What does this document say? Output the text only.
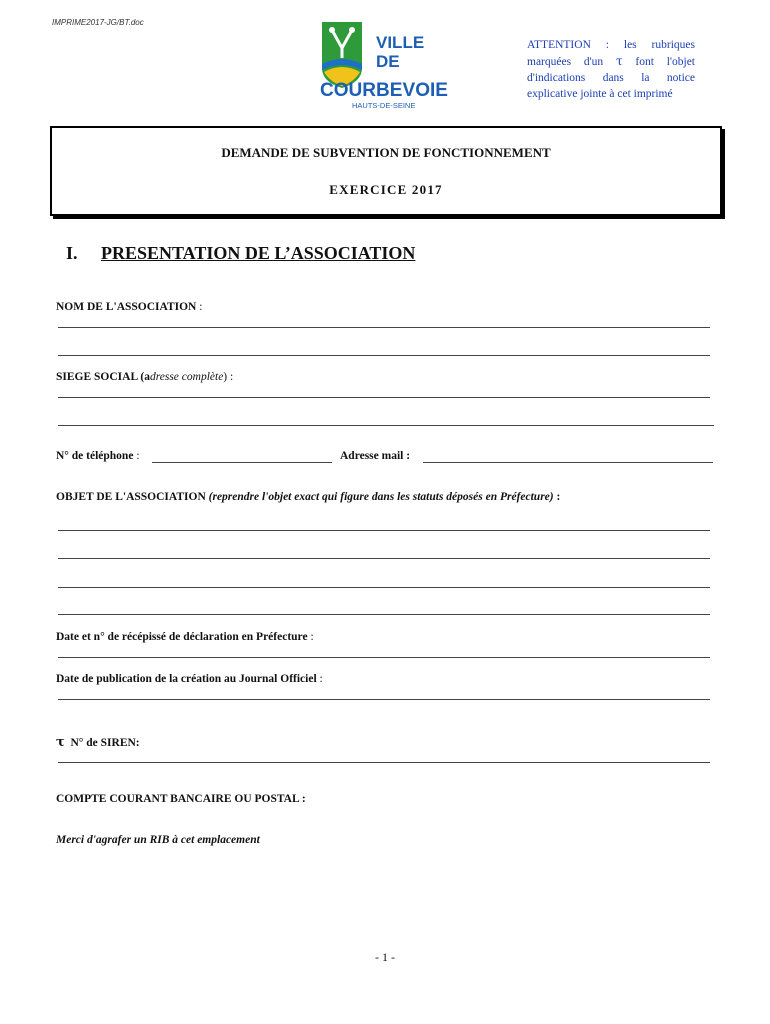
IMPRIME2017-JG/BT.doc
VILLE
DE
COURBEVOIE
HAUTS-DE-SEINE
ATTENTION : les rubriques marquées d'un τ font l'objet d'indications dans la notice explicative jointe à cet imprimé
DEMANDE DE SUBVENTION DE FONCTIONNEMENT
EXERCICE 2017
I. PRESENTATION DE L’ASSOCIATION
NOM DE L'ASSOCIATION :
SIEGE SOCIAL (adresse complète) :
N° de téléphone :	Adresse mail :
OBJET DE L'ASSOCIATION (reprendre l'objet exact qui figure dans les statuts déposés en Préfecture) :
Date et n° de récépissé de déclaration en Préfecture :
Date de publication de la création au Journal Officiel :
τ N° de SIREN:
COMPTE COURANT BANCAIRE OU POSTAL :
Merci d'agrafer un RIB à cet emplacement
- 1 -
